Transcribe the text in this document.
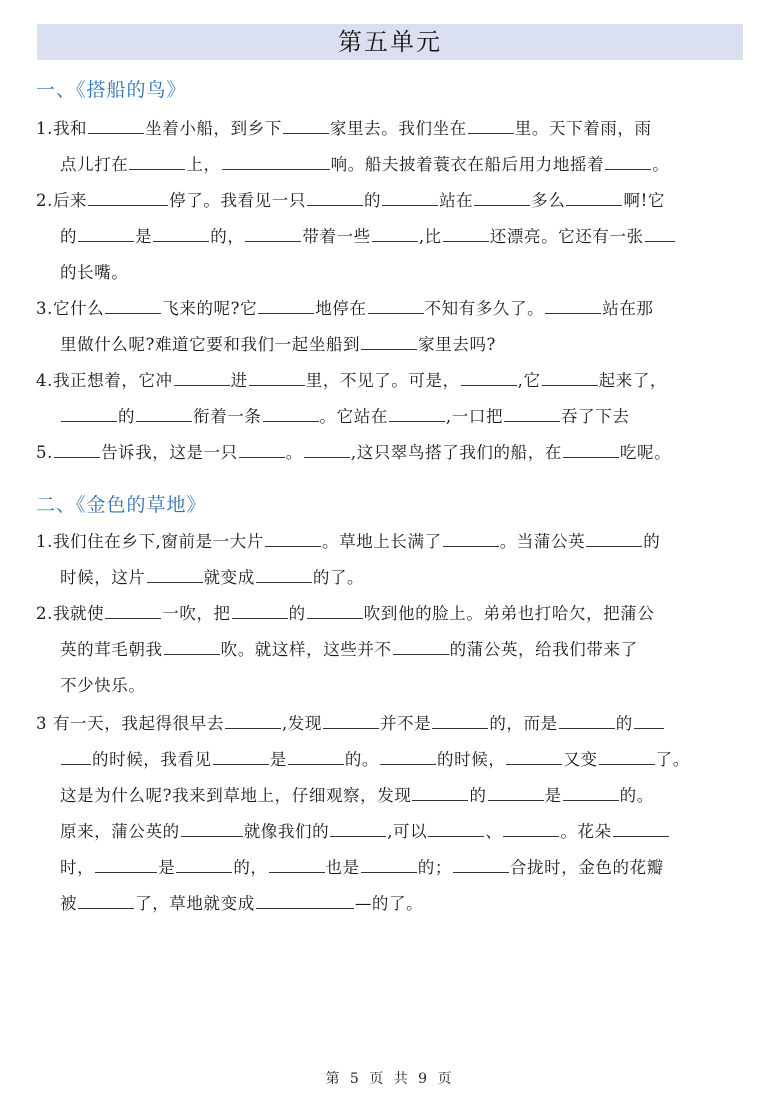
第五单元
一、《搭船的鸟》
1.我和	坐着小船，到乡下	家里去。我们坐在	里。天下着雨，雨
点儿打在	上，	响。船夫披着蓑衣在船后用力地摇着	。
2.后来	停了。我看见一只	的	站在	多么	啊!它
的	是	的，	带着一些	,比	还漂亮。它还有一张
的长嘴。
3.它什么	飞来的呢?它	地停在	不知有多久了。	站在那
里做什么呢?难道它要和我们一起坐船到	家里去吗?
4.我正想着，它冲	进	里，不见了。可是，	,它	起来了，
的	衔着一条	。它站在	,一口把	吞了下去
5.	告诉我，这是一只	。	,这只翠鸟搭了我们的船，在	吃呢。
二、《金色的草地》
1.我们住在乡下,窗前是一大片	。草地上长满了	。当蒲公英	的
时候，这片	就变成	的了。
2.我就使	一吹，把	的	吹到他的脸上。弟弟也打哈欠，把蒲公
英的茸毛朝我	吹。就这样，这些并不	的蒲公英，给我们带来了
不少快乐。
3 有一天，我起得很早去	,发现	并不是	的，而是	的
的时候，我看见	是	的。	的时候，	又变	了。
这是为什么呢?我来到草地上，仔细观察，发现	的	是	的。
原来，蒲公英的	就像我们的	,可以	、	。花朵
时，	是	的，	也是	的；	合拢时，金色的花瓣
被	了，草地就变成	—的了。
第 5 页 共 9 页
